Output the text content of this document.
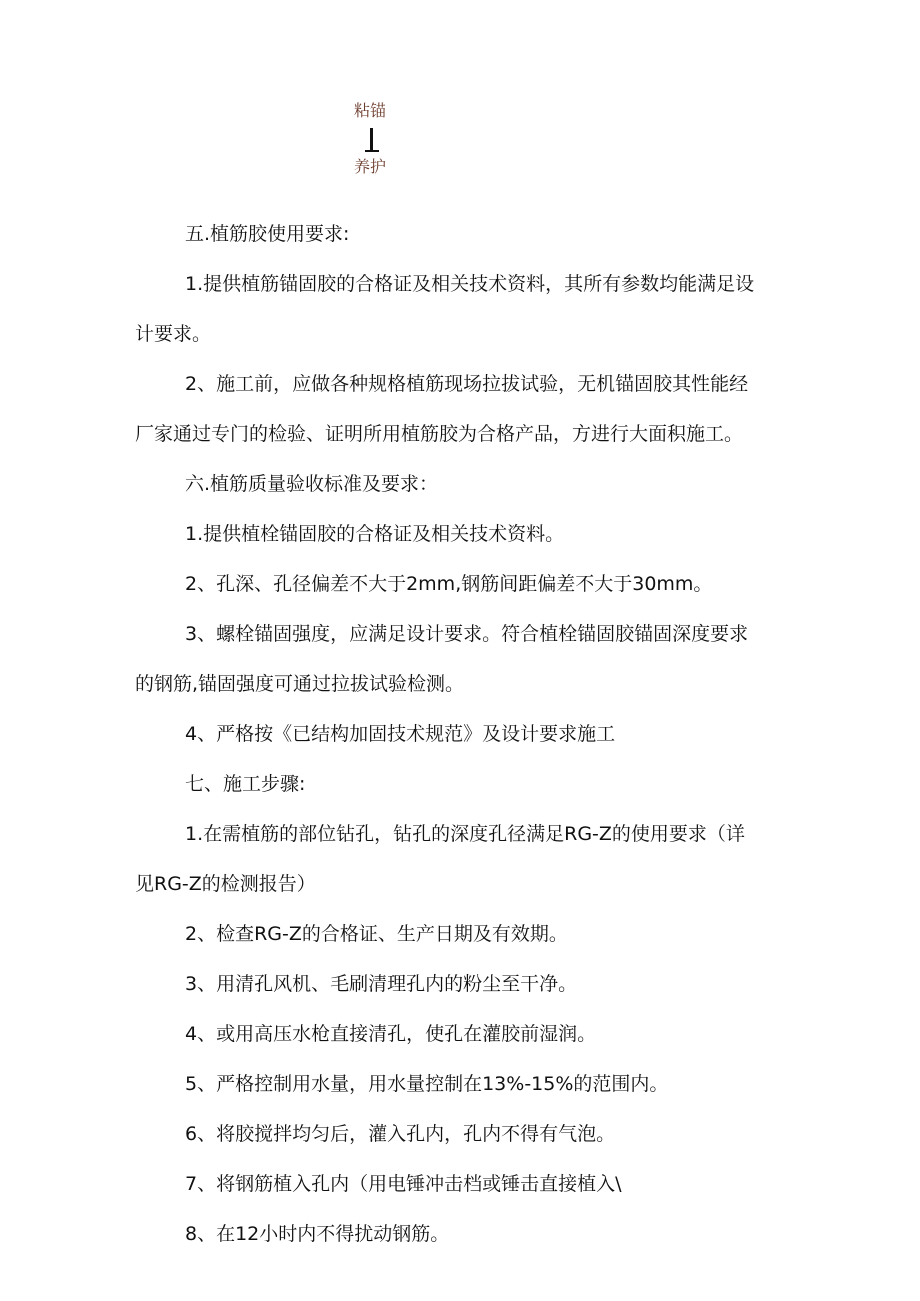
粘锚
养护

五.植筋胶使用要求:

1.提供植筋锚固胶的合格证及相关技术资料，其所有参数均能满足设

计要求。

2、施工前，应做各种规格植筋现场拉拔试验，无机锚固胶其性能经

厂家通过专门的检验、证明所用植筋胶为合格产品，方进行大面积施工。

六.植筋质量验收标准及要求：

1.提供植栓锚固胶的合格证及相关技术资料。

2、孔深、孔径偏差不大于2mm,钢筋间距偏差不大于30mm。

3、螺栓锚固强度，应满足设计要求。符合植栓锚固胶锚固深度要求

的钢筋,锚固强度可通过拉拔试验检测。

4、严格按《已结构加固技术规范》及设计要求施工

七、施工步骤:

1.在需植筋的部位钻孔，钻孔的深度孔径满足RG-Z的使用要求（详

见RG-Z的检测报告）

2、检查RG-Z的合格证、生产日期及有效期。

3、用清孔风机、毛刷清理孔内的粉尘至干净。

4、或用高压水枪直接清孔，使孔在灌胶前湿润。

5、严格控制用水量，用水量控制在13%-15%的范围内。

6、将胶搅拌均匀后，灌入孔内，孔内不得有气泡。

7、将钢筋植入孔内（用电锤冲击档或锤击直接植入\

8、在12小时内不得扰动钢筋。
